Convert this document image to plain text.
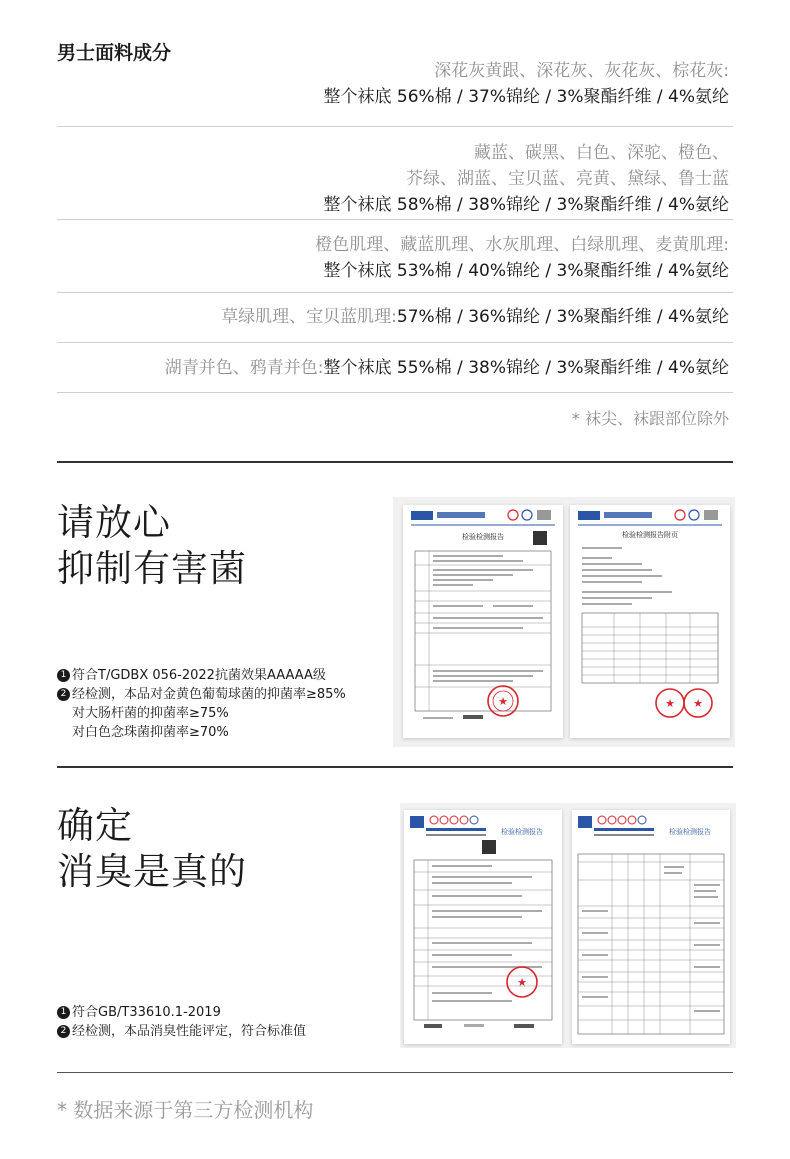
男士面料成分
深花灰黄跟、深花灰、灰花灰、棕花灰:
整个袜底 56%棉 / 37%锦纶 / 3%聚酯纤维 / 4%氨纶
藏蓝、碳黑、白色、深驼、橙色、
芥绿、湖蓝、宝贝蓝、亮黄、黛绿、鲁士蓝
整个袜底 58%棉 / 38%锦纶 / 3%聚酯纤维 / 4%氨纶
橙色肌理、藏蓝肌理、水灰肌理、白绿肌理、麦黄肌理:
整个袜底 53%棉 / 40%锦纶 / 3%聚酯纤维 / 4%氨纶
草绿肌理、宝贝蓝肌理:57%棉 / 36%锦纶 / 3%聚酯纤维 / 4%氨纶
湖青并色、鸦青并色:整个袜底 55%棉 / 38%锦纶 / 3%聚酯纤维 / 4%氨纶
* 袜尖、袜跟部位除外
请放心
抑制有害菌
1 符合T/GDBX 056-2022抗菌效果AAAAA级
2 经检测，本品对金黄色葡萄球菌的抑菌率≥85%
对大肠杆菌的抑菌率≥75%
对白色念珠菌抑菌率≥70%
检验检测报告
★
检验检测报告附页
★ ★
确定
消臭是真的
1 符合GB/T33610.1-2019
2 经检测，本品消臭性能评定，符合标准值
检验检测报告
★
检验检测报告
* 数据来源于第三方检测机构
